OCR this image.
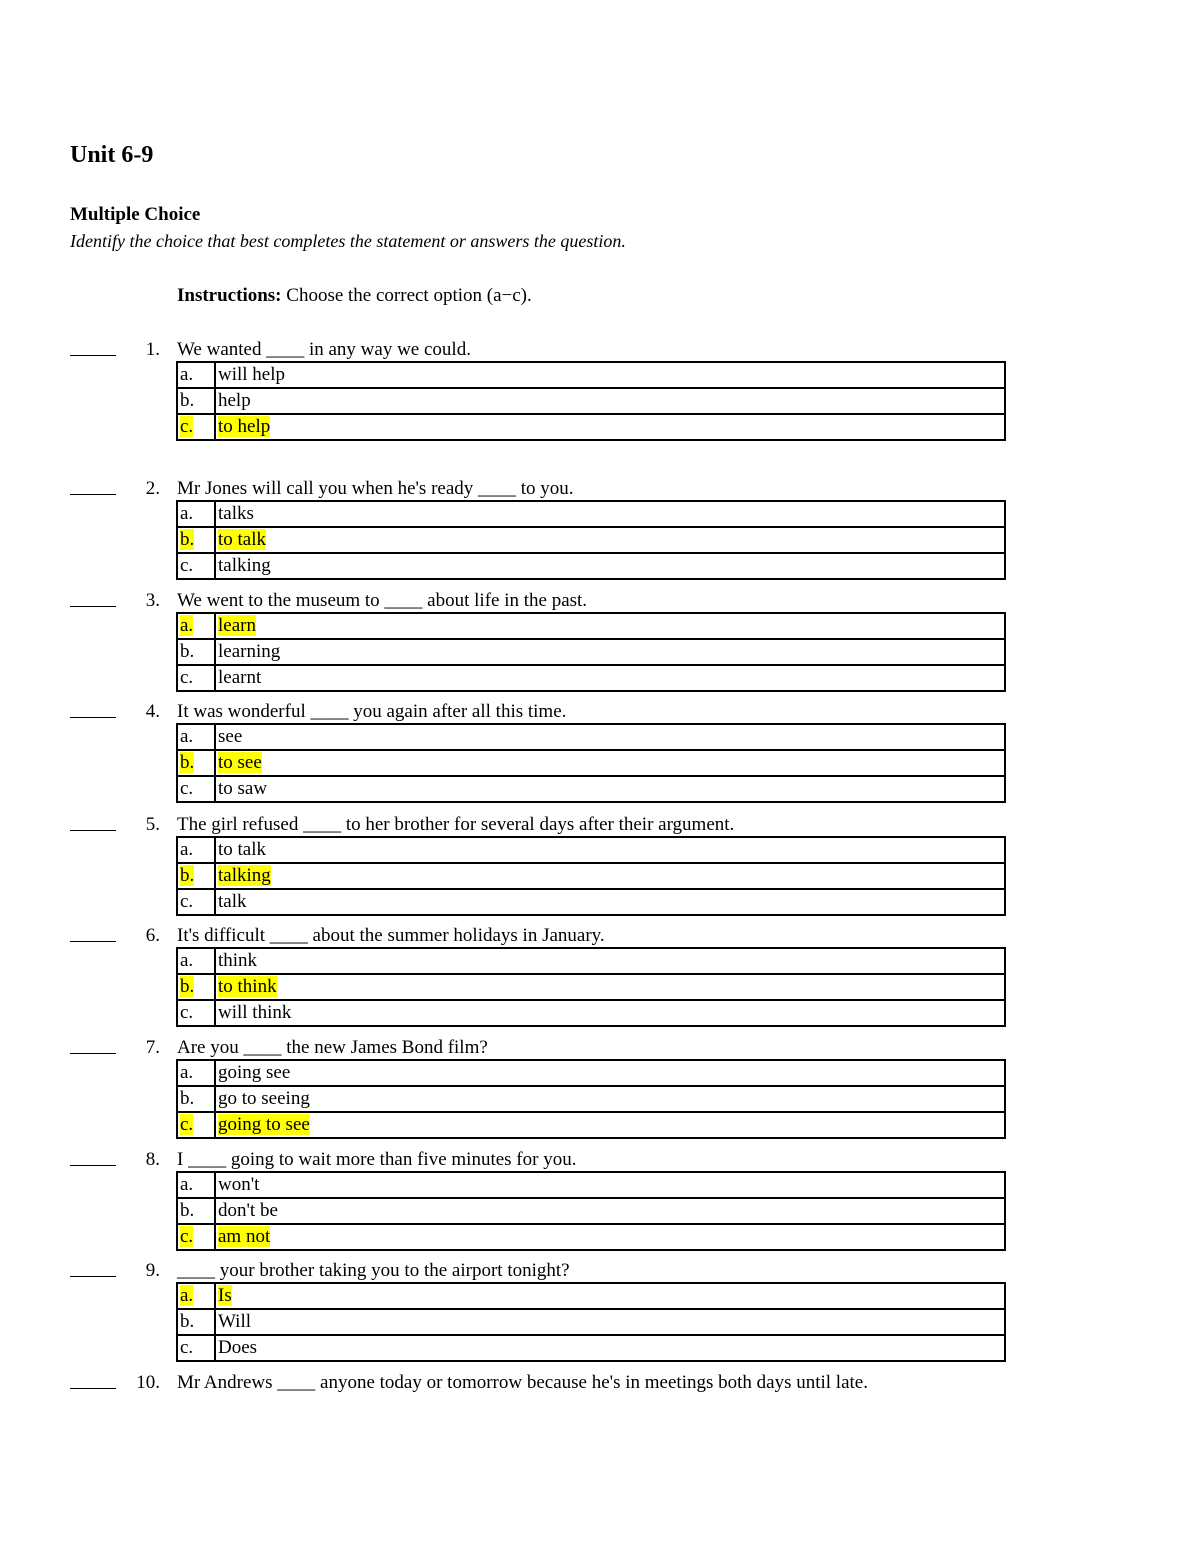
Unit 6-9
Multiple Choice

Identify the choice that best completes the statement or answers the question.

Instructions: Choose the correct option (a−c).

1. We wanted ____ in any way we could.
a.	will help
b.	help
c.	to help
2. Mr Jones will call you when he's ready ____ to you.
a.	talks
b.	to talk
c.	talking
3. We went to the museum to ____ about life in the past.
a.	learn
b.	learning
c.	learnt
4. It was wonderful ____ you again after all this time.
a.	see
b.	to see
c.	to saw
5. The girl refused ____ to her brother for several days after their argument.
a.	to talk
b.	talking
c.	talk
6. It's difficult ____ about the summer holidays in January.
a.	think
b.	to think
c.	will think
7. Are you ____ the new James Bond film?
a.	going see
b.	go to seeing
c.	going to see
8. I ____ going to wait more than five minutes for you.
a.	won't
b.	don't be
c.	am not
9. ____ your brother taking you to the airport tonight?
a.	Is
b.	Will
c.	Does
10. Mr Andrews ____ anyone today or tomorrow because he's in meetings both days until late.
